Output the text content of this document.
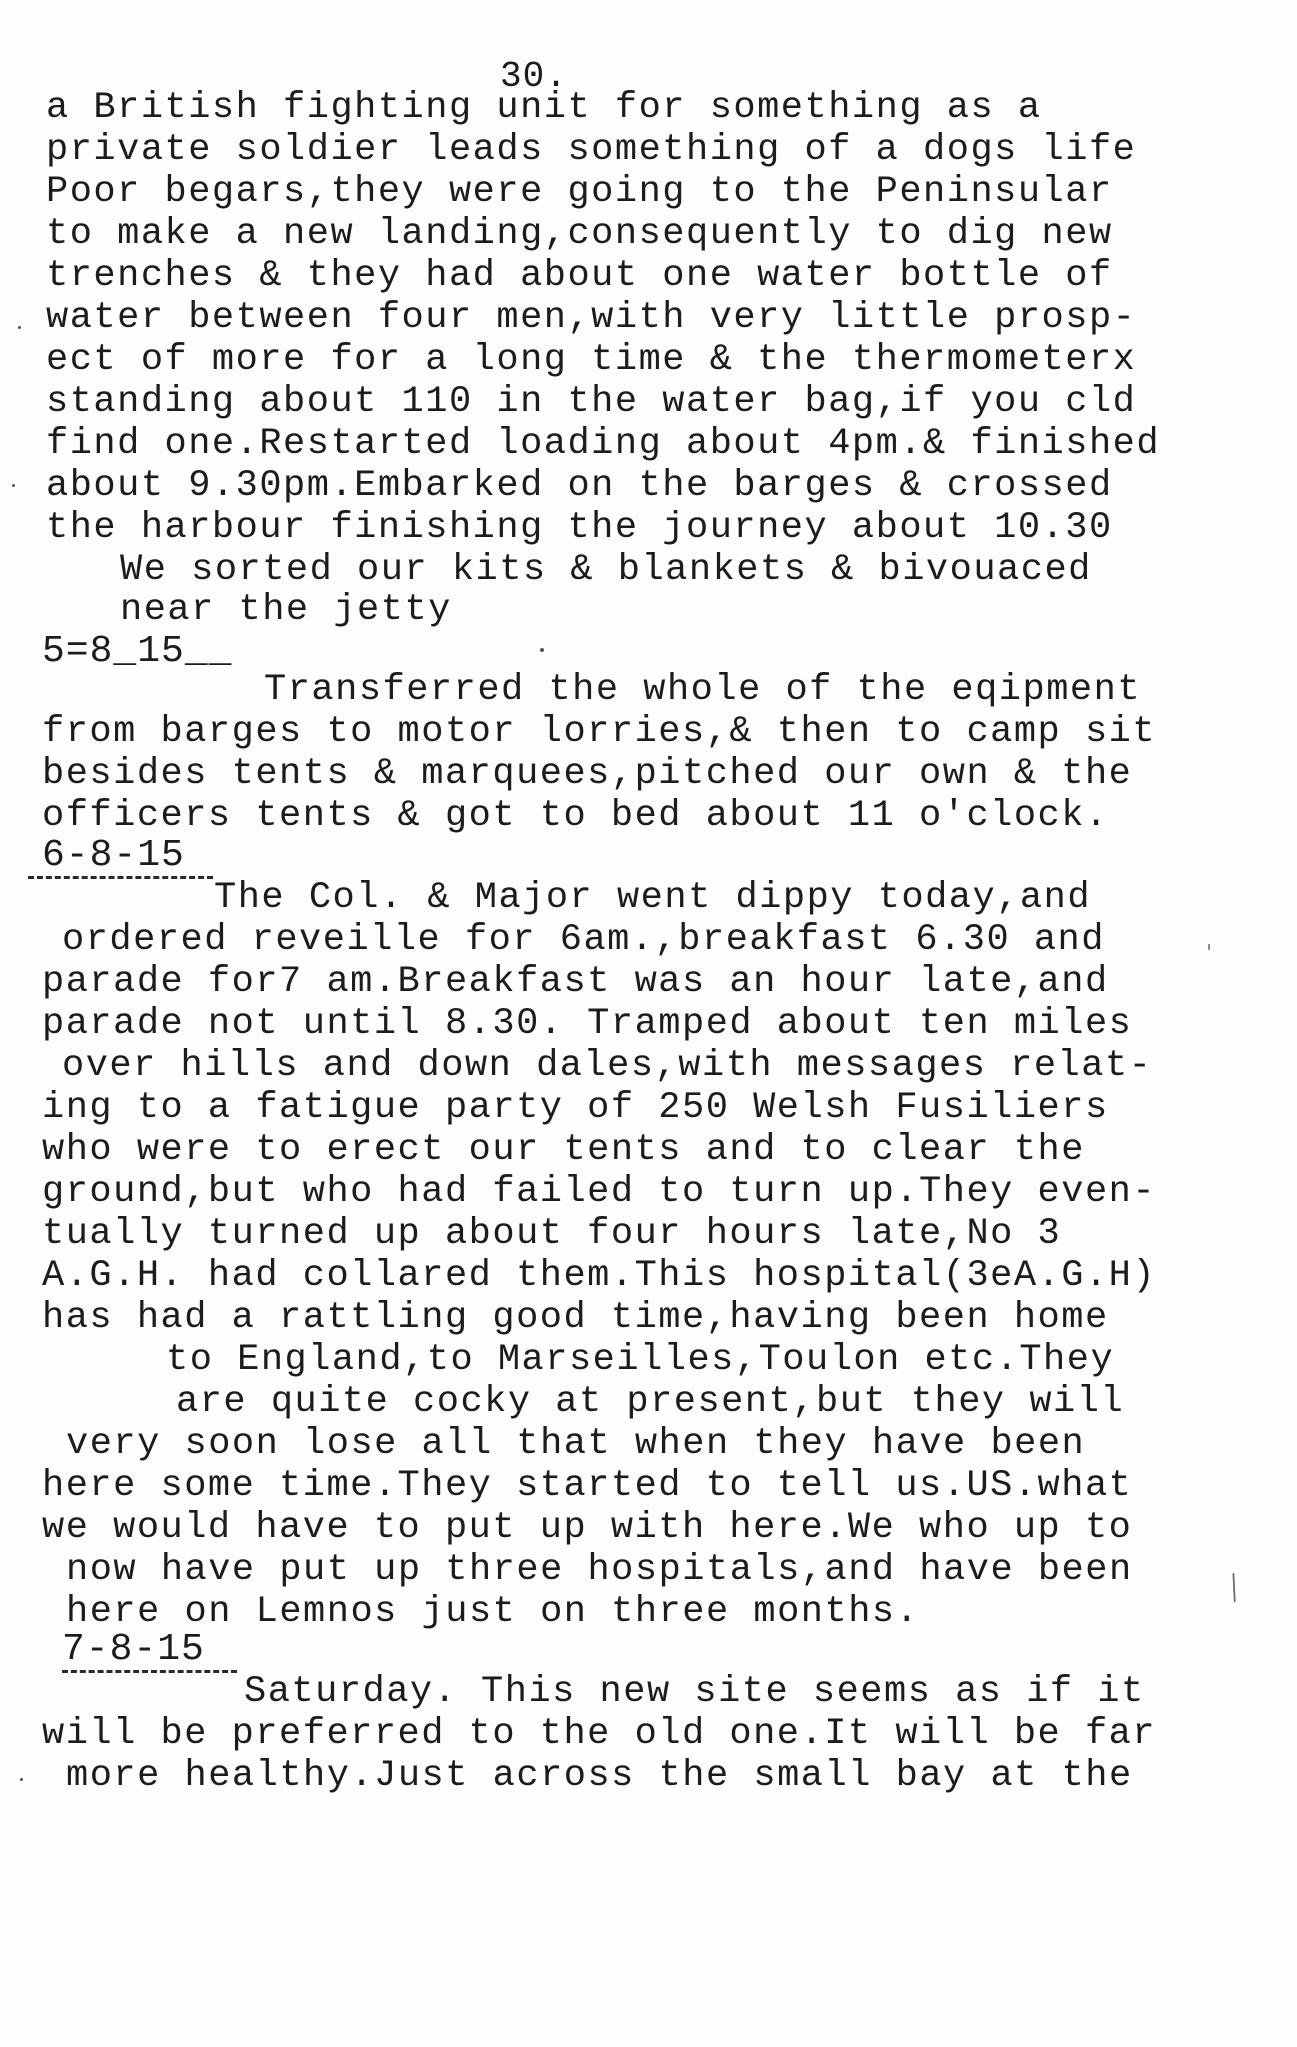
30.
a British fighting unit for something as a
private soldier leads something of a dogs life
Poor begars,they were going to the Peninsular
to make a new landing,consequently to dig new
trenches & they had about one water bottle of
water between four men,with very little prosp-
ect of more for a long time & the thermometerx
standing about 110 in the water bag,if you cld
find one.Restarted loading about 4pm.& finished
about 9.30pm.Embarked on the barges & crossed
the harbour finishing the journey about 10.30
We sorted our kits & blankets & bivouaced
near the jetty
5=8_15__
Transferred the whole of the eqipment
from barges to motor lorries,& then to camp sit
besides tents & marquees,pitched our own & the
officers tents & got to bed about 11 o'clock.
6-8-15
The Col. & Major went dippy today,and
ordered reveille for 6am.,breakfast 6.30 and
parade for7 am.Breakfast was an hour late,and
parade not until 8.30. Tramped about ten miles
over hills and down dales,with messages relat-
ing to a fatigue party of 250 Welsh Fusiliers
who were to erect our tents and to clear the
ground,but who had failed to turn up.They even-
tually turned up about four hours late,No 3
A.G.H. had collared them.This hospital(3eA.G.H)
has had a rattling good time,having been home
to England,to Marseilles,Toulon etc.They
are quite cocky at present,but they will
very soon lose all that when they have been
here some time.They started to tell us.US.what
we would have to put up with here.We who up to
now have put up three hospitals,and have been
here on Lemnos just on three months.
7-8-15
Saturday. This new site seems as if it
will be preferred to the old one.It will be far
more healthy.Just across the small bay at the
ˈ
╱
